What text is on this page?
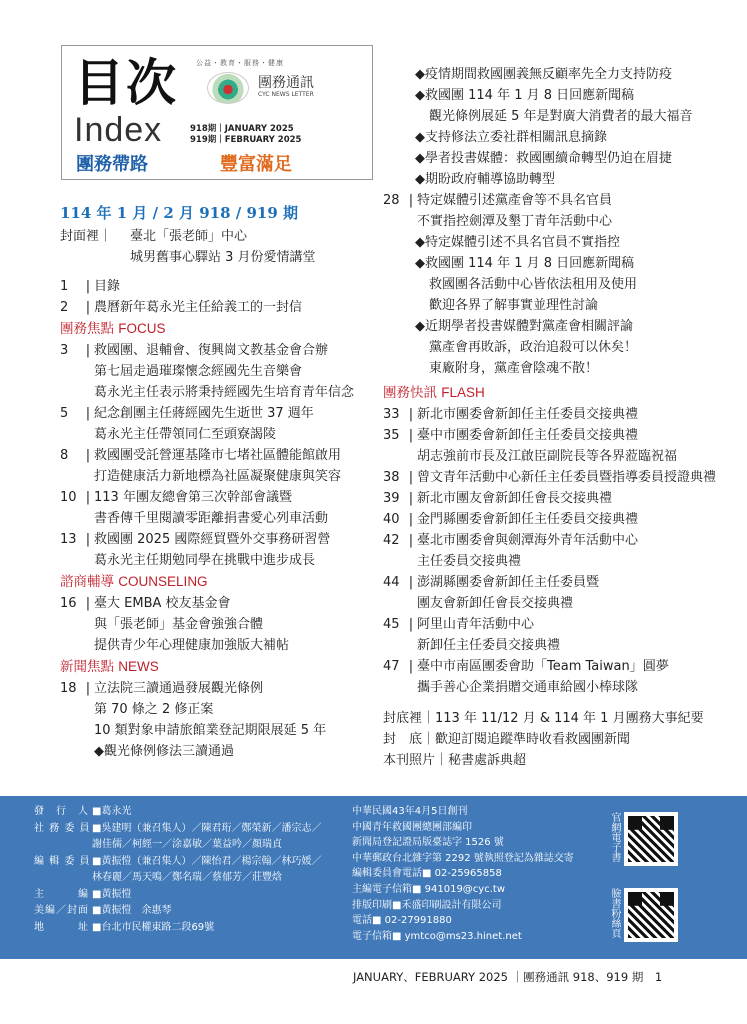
目次
Index
公益・教育・服務・健康
團務通訊
CYC NEWS LETTER
918期｜JANUARY 2025
919期｜FEBRUARY 2025
團務帶路	豐富滿足
114 年 1 月 / 2 月 918 / 919 期
封面裡｜	臺北「張老師」中心
城男舊事心驛站 3 月份愛情講堂
1	| 目錄
2	| 農曆新年葛永光主任給義工的一封信
團務焦點 FOCUS
3	| 救國團、退輔會、復興崗文教基金會合辦
第七屆走過璀璨懷念經國先生音樂會
葛永光主任表示將秉持經國先生培育青年信念
5	| 紀念創團主任蔣經國先生逝世 37 週年
葛永光主任帶領同仁至頭寮謁陵
8	| 救國團受託營運基隆市七堵社區體能館啟用
打造健康活力新地標為社區凝聚健康與笑容
10 | 113 年團友總會第三次幹部會議暨
書香傳千里閱讀零距離捐書愛心列車活動
13 | 救國團 2025 國際經貿暨外交事務研習營
葛永光主任期勉同學在挑戰中進步成長
諮商輔導 COUNSELING
16 | 臺大 EMBA 校友基金會
與「張老師」基金會強強合體
提供青少年心理健康加強版大補帖
新聞焦點 NEWS
18 | 立法院三讀通過發展觀光條例
第 70 條之 2 修正案
10 類對象申請旅館業登記期限展延 5 年
◆觀光條例修法三讀通過
◆疫情期間救國團義無反顧率先全力支持防疫
◆救國團 114 年 1 月 8 日回應新聞稿
觀光條例展延 5 年是對廣大消費者的最大福音
◆支持修法立委社群相關訊息摘錄
◆學者投書媒體：救國團續命轉型仍迫在眉捷
◆期盼政府輔導協助轉型
28 | 特定媒體引述黨產會等不具名官員
不實指控劍潭及墾丁青年活動中心
◆特定媒體引述不具名官員不實指控
◆救國團 114 年 1 月 8 日回應新聞稿
救國團各活動中心皆依法租用及使用
歡迎各界了解事實並理性討論
◆近期學者投書媒體對黨產會相關評論
黨產會再敗訴，政治追殺可以休矣！
東廠附身，黨產會陰魂不散！
團務快訊 FLASH
33 | 新北市團委會新卸任主任委員交接典禮
35 | 臺中市團委會新卸任主任委員交接典禮
胡志強前市長及江啟臣副院長等各界蒞臨祝福
38 | 曾文青年活動中心新任主任委員暨指導委員授證典禮
39 | 新北市團友會新卸任會長交接典禮
40 | 金門縣團委會新卸任主任委員交接典禮
42 | 臺北市團委會與劍潭海外青年活動中心
主任委員交接典禮
44 | 澎湖縣團委會新卸任主任委員暨
團友會新卸任會長交接典禮
45 | 阿里山青年活動中心
新卸任主任委員交接典禮
47 | 臺中市南區團委會助「Team Taiwan」圓夢
攜手善心企業捐贈交通車給國小棒球隊
封底裡｜113 年 11/12 月 & 114 年 1 月團務大事紀要
封　底｜歡迎訂閱追蹤準時收看救國團新聞
本刊照片｜秘書處訴典超
發　行　人 ■葛永光
社 務 委 員 ■吳建明（兼召集人）／陳君珩／鄭榮新／潘宗志／
謝佳儒／柯經一／涂嘉敏／葉益吟／顏瑞貞
編 輯 委 員 ■黃振愷（兼召集人）／陳怡君／楊宗翰／林巧媛／
林春麗／馬天鳴／鄭名瑞／蔡郁芳／莊豐焓
主　　　編 ■黃振愷
美編／封面 ■黃振愷　余惠琴
地　　　址 ■台北市民權東路二段69號
中華民國43年4月5日創刊
中國青年救國團總團部編印
新聞局登記證局版臺誌字 1526 號
中華郵政台北雜字第 2292 號執照登記為雜誌交寄
編輯委員會電話■ 02-25965858
主編電子信箱■ 941019@cyc.tw
排版印刷■禾盛印刷設計有限公司
電話■ 02-27991880
電子信箱■ ymtco@ms23.hinet.net
官網電子書
臉書粉絲頁
JANUARY、FEBRUARY 2025 ｜團務通訊 918、919 期　1
